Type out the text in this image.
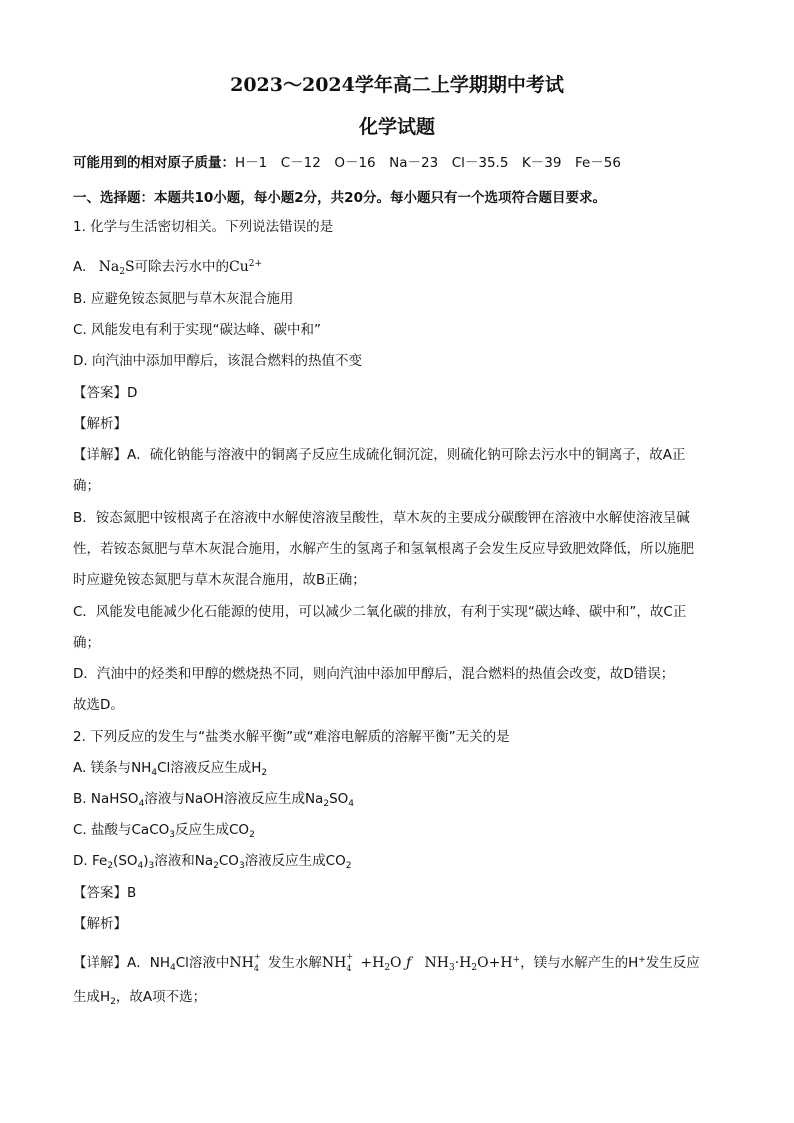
2023～2024学年高二上学期期中考试
化学试题
可能用到的相对原子质量：H－1　C－12　O－16　Na－23　Cl－35.5　K－39　Fe－56
一、选择题：本题共10小题，每小题2分，共20分。每小题只有一个选项符合题目要求。
1. 化学与生活密切相关。下列说法错误的是
A. $Na_2S$可除去污水中的$Cu^{2+}$
B. 应避免铵态氮肥与草木灰混合施用
C. 风能发电有利于实现“碳达峰、碳中和”
D. 向汽油中添加甲醇后，该混合燃料的热值不变
【答案】D
【解析】
【详解】A．硫化钠能与溶液中的铜离子反应生成硫化铜沉淀，则硫化钠可除去污水中的铜离子，故A正
确；
B．铵态氮肥中铵根离子在溶液中水解使溶液呈酸性，草木灰的主要成分碳酸钾在溶液中水解使溶液呈碱
性，若铵态氮肥与草木灰混合施用，水解产生的氢离子和氢氧根离子会发生反应导致肥效降低，所以施肥
时应避免铵态氮肥与草木灰混合施用，故B正确；
C．风能发电能减少化石能源的使用，可以减少二氧化碳的排放，有利于实现“碳达峰、碳中和”，故C正
确；
D．汽油中的烃类和甲醇的燃烧热不同，则向汽油中添加甲醇后，混合燃料的热值会改变，故D错误；
故选D。
2. 下列反应的发生与“盐类水解平衡”或“难溶电解质的溶解平衡”无关的是
A. 镁条与$NH_4Cl$溶液反应生成$H_2$
B. NaHSO$_4$溶液与NaOH溶液反应生成$Na_2SO_4$
C. 盐酸与CaCO$_3$反应生成$CO_2$
D. $Fe_2(SO_4)_3$溶液和$Na_2CO_3$溶液反应生成$CO_2$
【答案】B
【解析】
【详解】A．$NH_4Cl$溶液中NH +
4 发生水解NH +
$4 +H_2O$ ƒ   $NH_3\cdot H_2O+H^+$，镁与水解产生的H+发生反应
生成$H_2$，故A项不选；
